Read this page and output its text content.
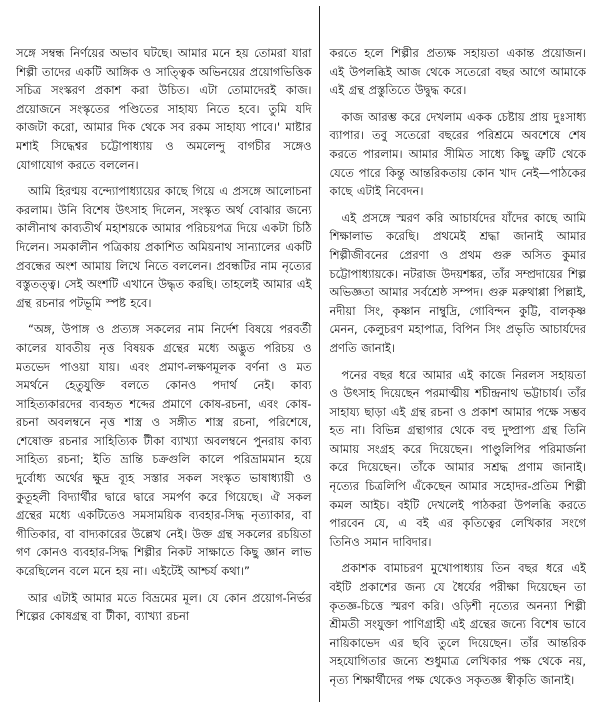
সঙ্গে সম্বন্ধ নির্ণয়ের অভাব ঘটছে। আমার মনে হয় তোমরা যারা শিল্পী তাদের একটি আঙ্গিক ও সাত্ত্বিক অভিনয়ের প্রয়োগভিত্তিক সচিত্র সংস্করণ প্রকাশ করা উচিত। এটা তোমাদেরই কাজ। প্রয়োজনে সংস্কৃতের পণ্ডিতের সাহায্য নিতে হবে। তুমি যদি কাজটা করো, আমার দিক থেকে সব রকম সাহায্য পাবে।' মাষ্টার মশাই সিদ্ধেশ্বর চট্টোপাধ্যায় ও অমলেন্দু বাগচীর সঙ্গেও যোগাযোগ করতে বললেন।

আমি হিরণ্ময় বন্দ্যোপাধ্যায়ের কাছে গিয়ে এ প্রসঙ্গে আলোচনা করলাম। উনি বিশেষ উৎসাহ দিলেন, সংস্কৃত অর্থ বোঝার জন্যে কালীনাথ কাব্যতীর্থ মহাশয়কে আমার পরিচয়পত্র দিয়ে একটা চিঠি দিলেন। সমকালীন পত্রিকায় প্রকাশিত অমিয়নাথ সান্যালের একটি প্রবন্ধের অংশ আমায় লিখে নিতে বললেন। প্রবন্ধটির নাম নৃত্যের বস্তুতত্ত্ব। সেই অংশটি এখানে উদ্ধৃত করছি। তাহলেই আমার এই গ্রন্থ রচনার পটভূমি স্পষ্ট হবে।

“অঙ্গ, উপাঙ্গ ও প্রত্যঙ্গ সকলের নাম নির্দেশ বিষয়ে পরবর্তী কালের যাবতীয় নৃত্ত বিষয়ক গ্রন্থের মধ্যে অদ্ভুত পরিচয় ও মতভেদ পাওয়া যায়। এবং প্রমাণ-লক্ষণমূলক বর্ণনা ও মত সমর্থনে হেতুযুক্তি বলতে কোনও পদার্থ নেই। কাব্য সাহিত্যকারদের ব্যবহৃত শব্দের প্রমাণে কোষ-রচনা, এবং কোষ-রচনা অবলম্বনে নৃত্ত শাস্ত্র ও সঙ্গীত শাস্ত্র রচনা, পরিশেষে, শেষোক্ত রচনার সাহিত্যিক টীকা ব্যাখ্যা অবলম্বনে পুনরায় কাব্য সাহিত্য রচনা; ইতি ভ্রান্তি চক্রগুলি কালে পরিভ্রামমান হয়ে দুর্বোধ্য অর্থের ক্ষুদ্র ব্যূহ সস্তার সকল সংস্কৃত ভাষাধ্যায়ী ও কুতূহলী বিদ্যার্থীর দ্বারে দ্বারে সমর্পণ করে গিয়েছে। ঐ সকল গ্রন্থের মধ্যে একটিতেও সমসাময়িক ব্যবহার-সিদ্ধ নৃত্যাকার, বা গীতিকার, বা বাদ্যকারের উল্লেখ নেই। উক্ত গ্রন্থ সকলের রচয়িতা গণ কোনও ব্যবহার-সিদ্ধ শিল্পীর নিকট সাক্ষাতে কিছু জ্ঞান লাভ করেছিলেন বলে মনে হয় না। এইটেই আশ্চর্য কথা।”

আর এটাই আমার মতে বিভ্রমের মূল। যে কোন প্রয়োগ-নির্ভর শিল্পের কোষগ্রন্থ বা টীকা, ব্যাখ্যা রচনা

করতে হলে শিল্পীর প্রত্যক্ষ সহায়তা একান্ত প্রয়োজন। এই উপলব্ধিই আজ থেকে সতেরো বছর আগে আমাকে এই গ্রন্থ প্রস্তুতিতে উদ্বুদ্ধ করে।

কাজ আরম্ভ করে দেখলাম একক চেষ্টায় প্রায় দুঃসাধ্য ব্যাপার। তবু সতেরো বছরের পরিশ্রমে অবশেষে শেষ করতে পারলাম। আমার সীমিত সাধ্যে কিছু ত্রুটি থেকে যেতে পারে কিন্তু আন্তরিকতায় কোন খাদ নেই—পাঠকের কাছে এটাই নিবেদন।

এই প্রসঙ্গে স্মরণ করি আচার্যদের যাঁদের কাছে আমি শিক্ষালাভ করেছি। প্রথমেই শ্রদ্ধা জানাই আমার শিল্পীজীবনের প্রেরণা ও প্রথম গুরু অসিত কুমার চট্টোপাধ্যায়কে। নটরাজ উদয়শঙ্কর, তাঁর সম্প্রদায়ের শিল্প অভিজ্ঞতা আমার সর্বশ্রেষ্ঠ সম্পদ। গুরু মরুথাপ্পা পিল্লাই, নদীয়া সিং, কৃষ্ণান নাম্বুদ্রি, গোবিন্দন কুট্টি, বালকৃষ্ণ মেনন, কেলুচরণ মহাপাত্র, বিপিন সিং প্রভৃতি আচার্যদের প্রণতি জানাই।

পনের বছর ধরে আমার এই কাজে নিরলস সহায়তা ও উৎসাহ দিয়েছেন পরমাত্মীয় শচীন্দ্রনাথ ভট্টাচার্য। তাঁর সাহায্য ছাড়া এই গ্রন্থ রচনা ও প্রকাশ আমার পক্ষে সম্ভব হত না। বিভিন্ন গ্রন্থাগার থেকে বহু দুষ্প্রাপ্য গ্রন্থ তিনি আমায় সংগ্রহ করে দিয়েছেন। পাণ্ডুলিপির পরিমার্জনা করে দিয়েছেন। তাঁকে আমার সশ্রদ্ধ প্রণাম জানাই। নৃত্যের চিত্রলিপি এঁকেছেন আমার সহোদর-প্রতিম শিল্পী কমল আইচ। বইটি দেখলেই পাঠকরা উপলব্ধি করতে পারবেন যে, এ বই এর কৃতিত্বের লেখিকার সংগে তিনিও সমান দাবিদার।

প্রকাশক বামাচরণ মুখোপাধ্যায় তিন বছর ধরে এই বইটি প্রকাশের জন্য যে ধৈর্যের পরীক্ষা দিয়েছেন তা কৃতজ্ঞ-চিত্তে স্মরণ করি। ওড়িশী নৃত্যের অনন্যা শিল্পী শ্রীমতী সংযুক্তা পাণিগ্রাহী এই গ্রন্থের জন্যে বিশেষ ভাবে নায়িকাভেদ এর ছবি তুলে দিয়েছেন। তাঁর আন্তরিক সহযোগিতার জন্যে শুধুমাত্র লেখিকার পক্ষ থেকে নয়, নৃত্য শিক্ষার্থীদের পক্ষ থেকেও সকৃতজ্ঞ স্বীকৃতি জানাই।
